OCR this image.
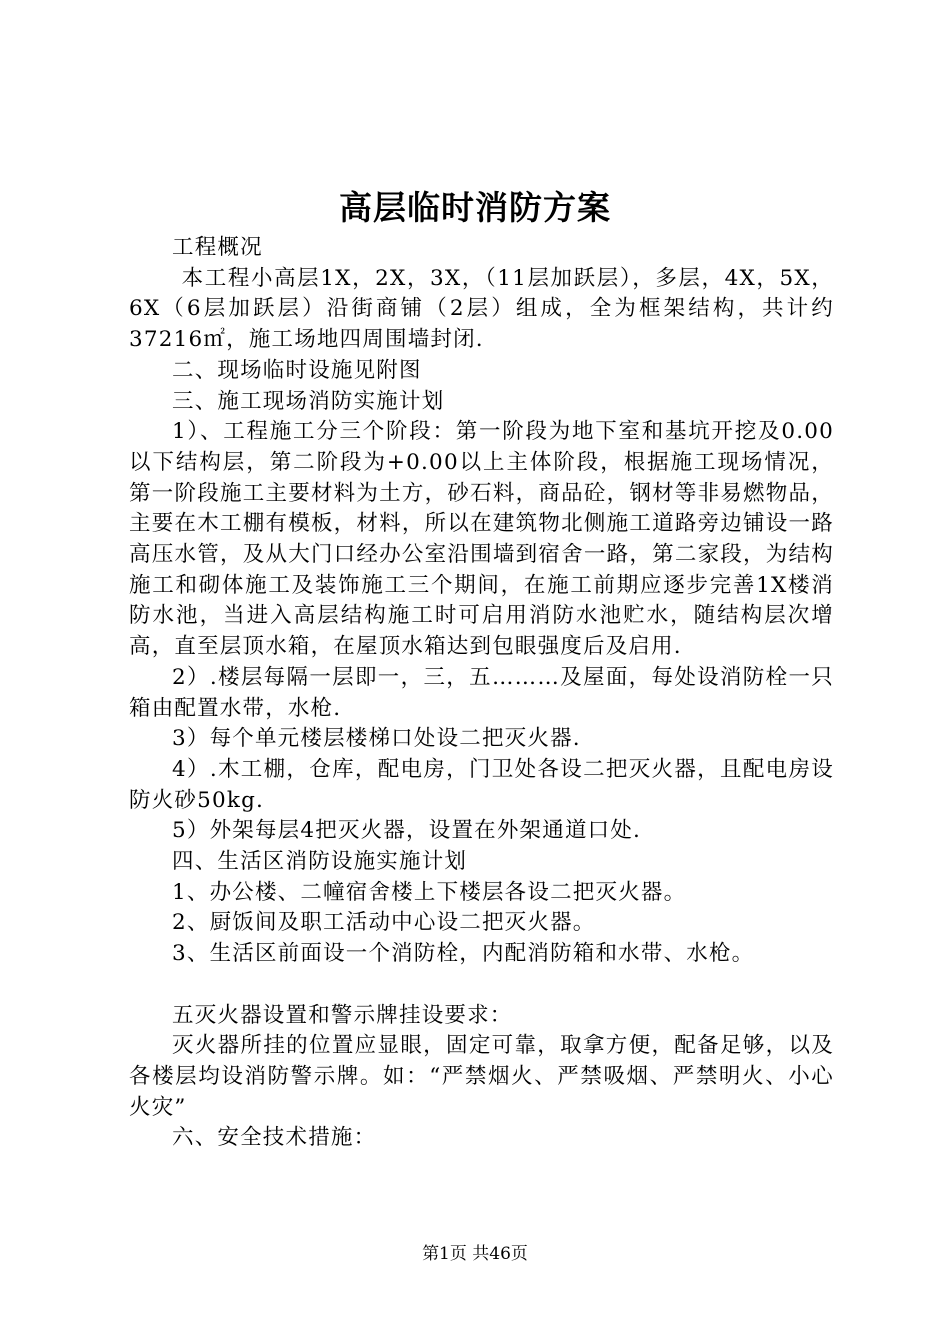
高层临时消防方案

工程概况

本工程小高层1X，2X，3X，（11层加跃层），多层，4X，5X，6X（6层加跃层）沿街商铺（2层）组成，全为框架结构，共计约37216㎡，施工场地四周围墙封闭.

二、现场临时设施见附图

三、施工现场消防实施计划

1）、工程施工分三个阶段：第一阶段为地下室和基坑开挖及0.00以下结构层，第二阶段为+0.00以上主体阶段，根据施工现场情况，第一阶段施工主要材料为土方，砂石料，商品砼，钢材等非易燃物品，主要在木工棚有模板，材料，所以在建筑物北侧施工道路旁边铺设一路高压水管，及从大门口经办公室沿围墙到宿舍一路，第二家段，为结构施工和砌体施工及装饰施工三个期间，在施工前期应逐步完善1X楼消防水池，当进入高层结构施工时可启用消防水池贮水，随结构层次增高，直至层顶水箱，在屋顶水箱达到包眼强度后及启用.

2）.楼层每隔一层即一，三，五………及屋面，每处设消防栓一只箱由配置水带，水枪.

3）每个单元楼层楼梯口处设二把灭火器.

4）.木工棚，仓库，配电房，门卫处各设二把灭火器，且配电房设防火砂50kg.

5）外架每层4把灭火器，设置在外架通道口处.

四、生活区消防设施实施计划

1、办公楼、二幢宿舍楼上下楼层各设二把灭火器。

2、厨饭间及职工活动中心设二把灭火器。

3、生活区前面设一个消防栓，内配消防箱和水带、水枪。

五灭火器设置和警示牌挂设要求：

灭火器所挂的位置应显眼，固定可靠，取拿方便，配备足够，以及各楼层均设消防警示牌。如：“严禁烟火、严禁吸烟、严禁明火、小心火灾”

六、安全技术措施：

第1页 共46页
